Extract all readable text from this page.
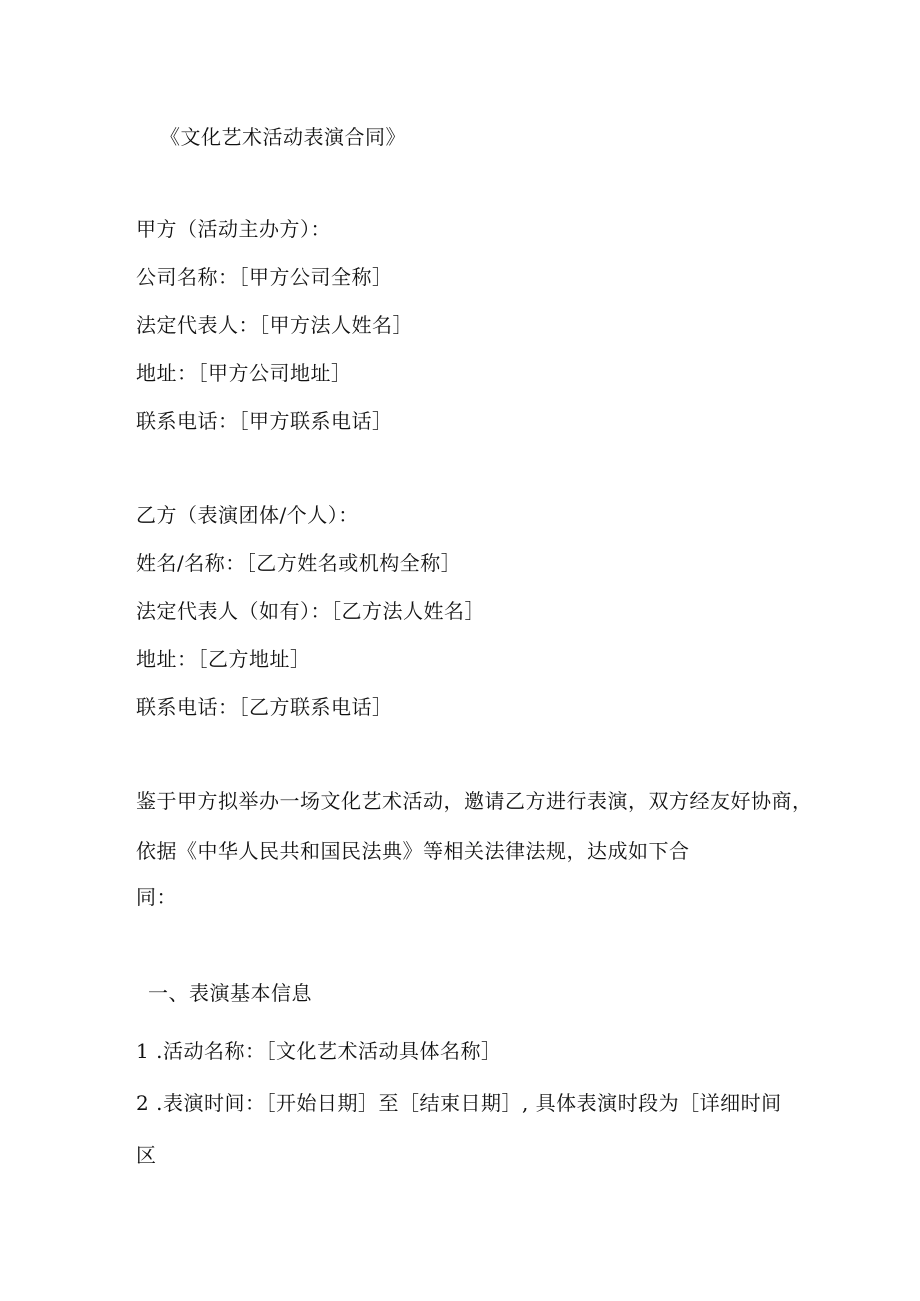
《文化艺术活动表演合同》
甲方（活动主办方）：
公司名称：［甲方公司全称］
法定代表人：［甲方法人姓名］
地址：［甲方公司地址］
联系电话：［甲方联系电话］
乙方（表演团体/个人）：
姓名/名称：［乙方姓名或机构全称］
法定代表人（如有）：［乙方法人姓名］
地址：［乙方地址］
联系电话：［乙方联系电话］
鉴于甲方拟举办一场文化艺术活动，邀请乙方进行表演，双方经友好协商，
依据《中华人民共和国民法典》等相关法律法规，达成如下合
同：
一、表演基本信息
1 .活动名称：［文化艺术活动具体名称］
2 .表演时间：［开始日期］至［结束日期］, 具体表演时段为［详细时间
区
